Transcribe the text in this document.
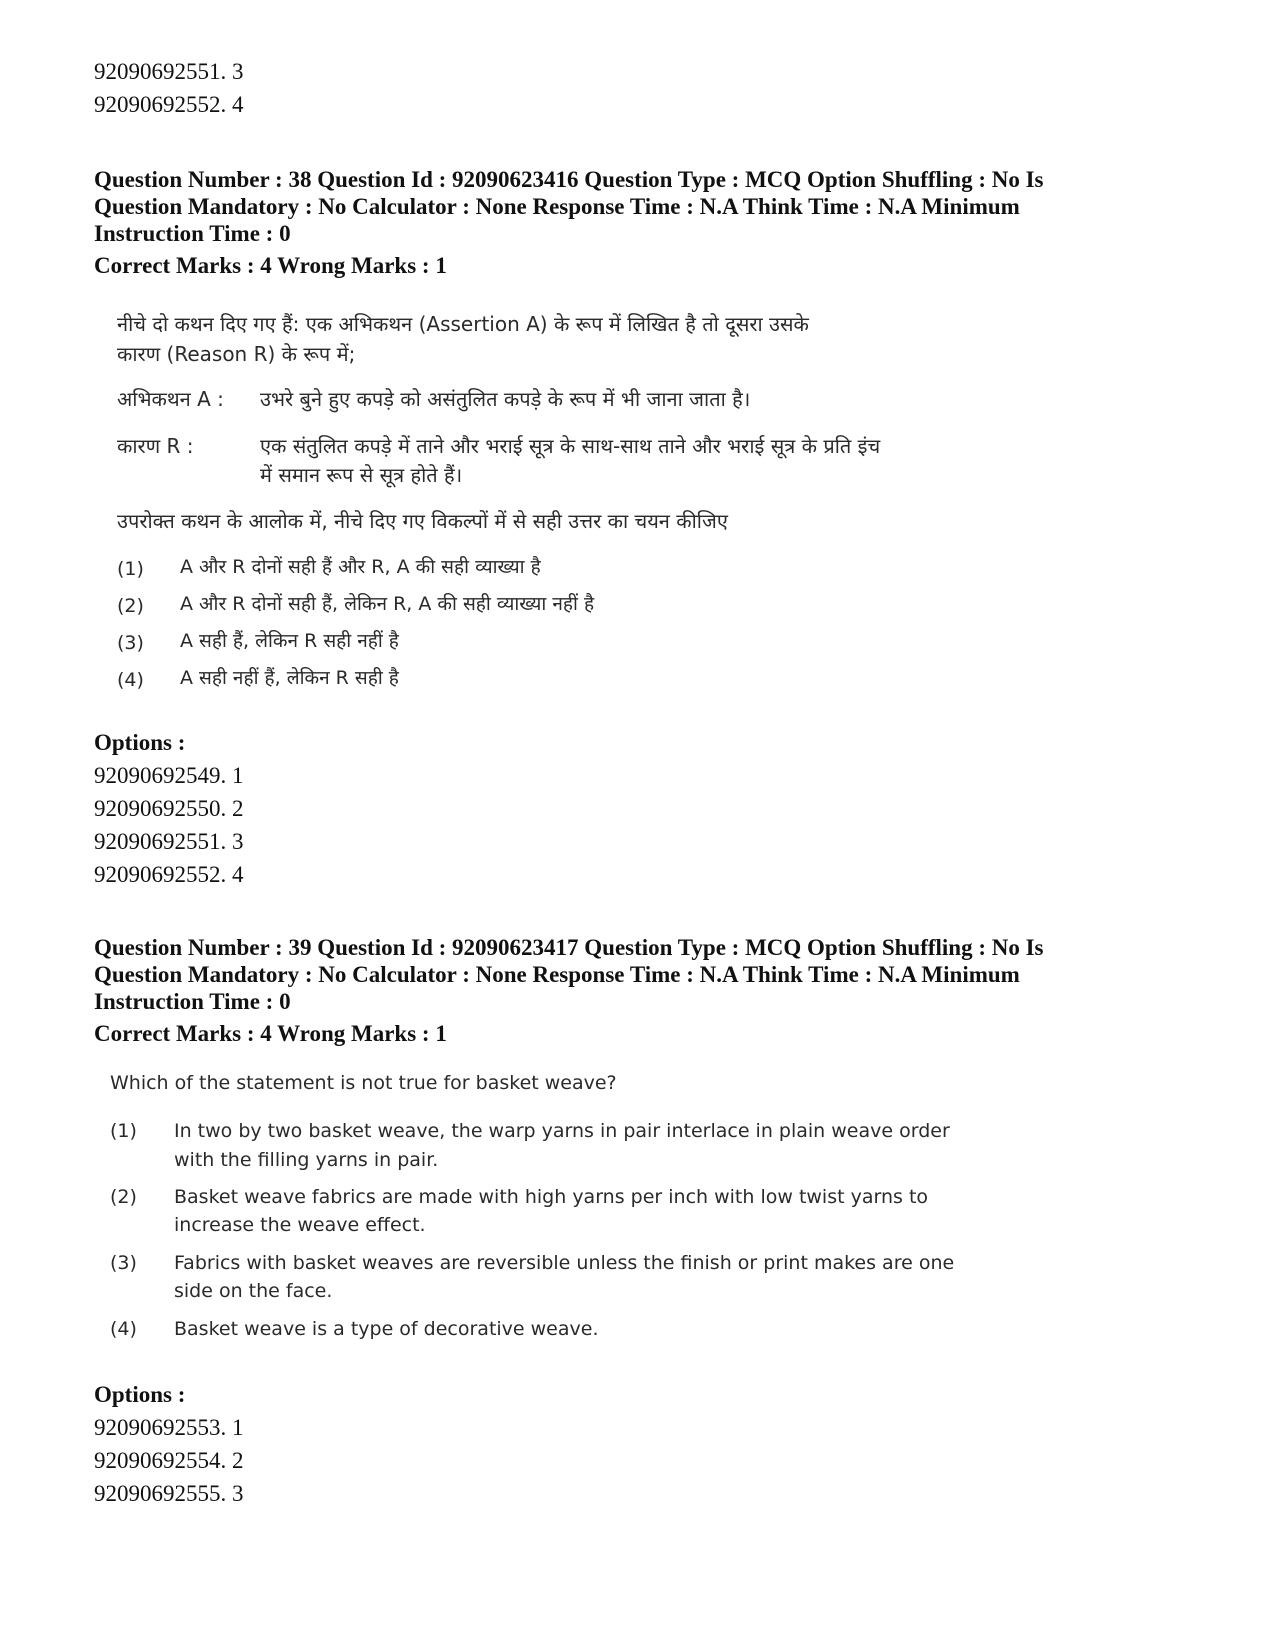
92090692551. 3
92090692552. 4
Question Number : 38 Question Id : 92090623416 Question Type : MCQ Option Shuffling : No Is Question Mandatory : No Calculator : None Response Time : N.A Think Time : N.A Minimum Instruction Time : 0
Correct Marks : 4 Wrong Marks : 1
नीचे दो कथन दिए गए हैं: एक अभिकथन (Assertion A) के रूप में लिखित है तो दूसरा उसके
कारण (Reason R) के रूप में;
अभिकथन A : उभरे बुने हुए कपड़े को असंतुलित कपड़े के रूप में भी जाना जाता है।
कारण R :	एक संतुलित कपड़े में ताने और भराई सूत्र के साथ-साथ ताने और भराई सूत्र के प्रति इंच
में समान रूप से सूत्र होते हैं।
उपरोक्त कथन के आलोक में, नीचे दिए गए विकल्पों में से सही उत्तर का चयन कीजिए
(1) A और R दोनों सही हैं और R, A की सही व्याख्या है
(2) A और R दोनों सही हैं, लेकिन R, A की सही व्याख्या नहीं है
(3) A सही हैं, लेकिन R सही नहीं है
(4) A सही नहीं हैं, लेकिन R सही है
Options :
92090692549. 1
92090692550. 2
92090692551. 3
92090692552. 4
Question Number : 39 Question Id : 92090623417 Question Type : MCQ Option Shuffling : No Is Question Mandatory : No Calculator : None Response Time : N.A Think Time : N.A Minimum Instruction Time : 0
Correct Marks : 4 Wrong Marks : 1
Which of the statement is not true for basket weave?
(1) In two by two basket weave, the warp yarns in pair interlace in plain weave order
with the filling yarns in pair.
(2) Basket weave fabrics are made with high yarns per inch with low twist yarns to
increase the weave effect.
(3) Fabrics with basket weaves are reversible unless the finish or print makes are one
side on the face.
(4) Basket weave is a type of decorative weave.
Options :
92090692553. 1
92090692554. 2
92090692555. 3
